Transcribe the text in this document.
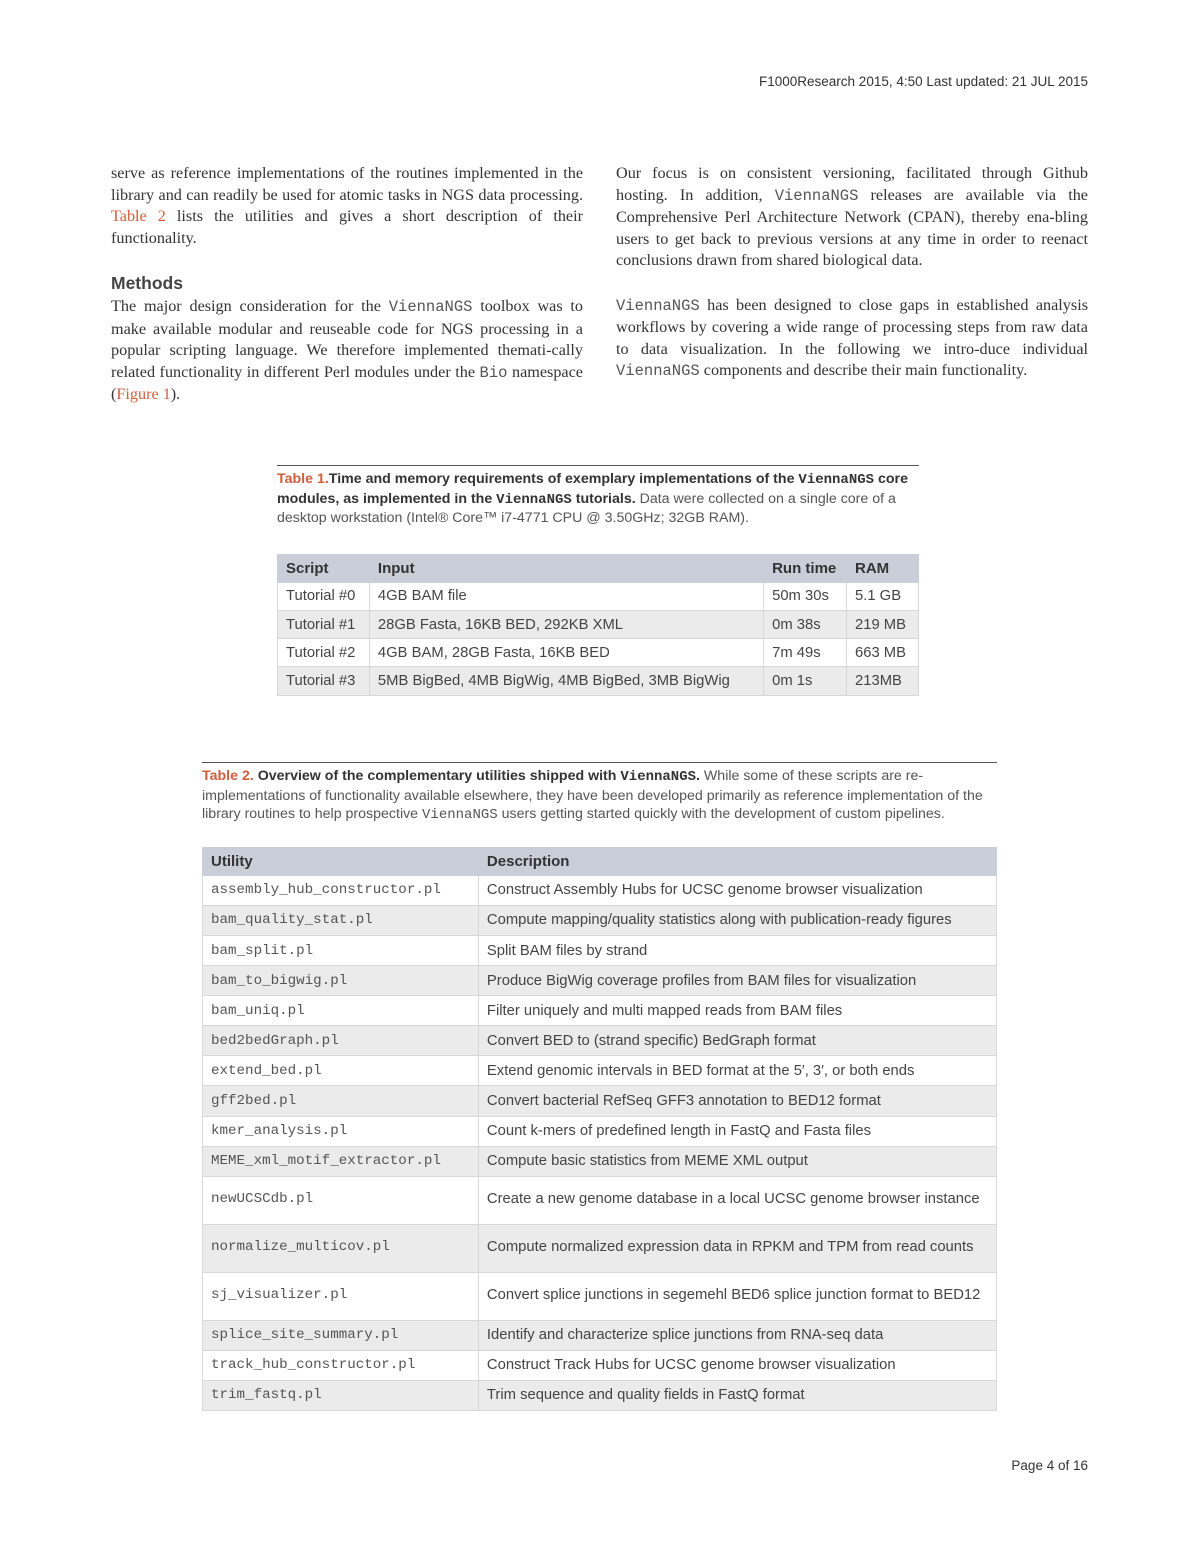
F1000Research 2015, 4:50 Last updated: 21 JUL 2015

serve as reference implementations of the routines implemented in the library and can readily be used for atomic tasks in NGS data processing. Table 2 lists the utilities and gives a short description of their functionality.

Methods

The major design consideration for the ViennaNGS toolbox was to make available modular and reuseable code for NGS processing in a popular scripting language. We therefore implemented themati-cally related functionality in different Perl modules under the Bio namespace (Figure 1).

Our focus is on consistent versioning, facilitated through Github hosting. In addition, ViennaNGS releases are available via the Comprehensive Perl Architecture Network (CPAN), thereby ena-bling users to get back to previous versions at any time in order to reenact conclusions drawn from shared biological data.

ViennaNGS has been designed to close gaps in established analysis workflows by covering a wide range of processing steps from raw data to data visualization. In the following we intro-duce individual ViennaNGS components and describe their main functionality.

Table 1.Time and memory requirements of exemplary implementations of the ViennaNGS core modules, as implemented in the ViennaNGS tutorials. Data were collected on a single core of a desktop workstation (Intel® Core™ i7-4771 CPU @ 3.50GHz; 32GB RAM).
Script	Input	Run time	RAM
Tutorial #0	4GB BAM file	50m 30s	5.1 GB
Tutorial #1	28GB Fasta, 16KB BED, 292KB XML	0m 38s	219 MB
Tutorial #2	4GB BAM, 28GB Fasta, 16KB BED	7m 49s	663 MB
Tutorial #3	5MB BigBed, 4MB BigWig, 4MB BigBed, 3MB BigWig	0m 1s	213MB
Table 2. Overview of the complementary utilities shipped with ViennaNGS. While some of these scripts are re-implementations of functionality available elsewhere, they have been developed primarily as reference implementation of the library routines to help prospective ViennaNGS users getting started quickly with the development of custom pipelines.
Utility	Description
assembly_hub_constructor.pl	Construct Assembly Hubs for UCSC genome browser visualization
bam_quality_stat.pl	Compute mapping/quality statistics along with publication-ready figures
bam_split.pl	Split BAM files by strand
bam_to_bigwig.pl	Produce BigWig coverage profiles from BAM files for visualization
bam_uniq.pl	Filter uniquely and multi mapped reads from BAM files
bed2bedGraph.pl	Convert BED to (strand specific) BedGraph format
extend_bed.pl	Extend genomic intervals in BED format at the 5′, 3′, or both ends
gff2bed.pl	Convert bacterial RefSeq GFF3 annotation to BED12 format
kmer_analysis.pl	Count k-mers of predefined length in FastQ and Fasta files
MEME_xml_motif_extractor.pl	Compute basic statistics from MEME XML output
newUCSCdb.pl	Create a new genome database in a local UCSC genome browser instance
normalize_multicov.pl	Compute normalized expression data in RPKM and TPM from read counts
sj_visualizer.pl	Convert splice junctions in segemehl BED6 splice junction format to BED12
splice_site_summary.pl	Identify and characterize splice junctions from RNA-seq data
track_hub_constructor.pl	Construct Track Hubs for UCSC genome browser visualization
trim_fastq.pl	Trim sequence and quality fields in FastQ format
Page 4 of 16
